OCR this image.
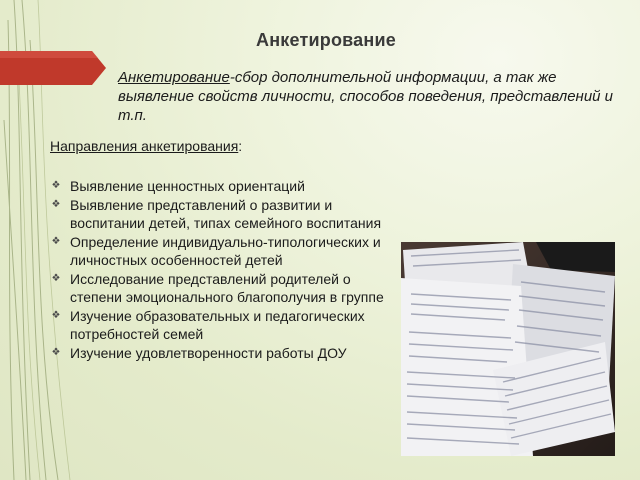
Анкетирование
Анкетирование-сбор дополнительной информации, а так же выявление свойств личности, способов поведения, представлений и т.п.
Направления анкетирования:
❖ Выявление ценностных ориентаций
❖ Выявление представлений о развитии и воспитании детей, типах семейного воспитания
❖ Определение индивидуально-типологических и личностных особенностей детей
❖ Исследование представлений родителей о степени эмоционального благополучия в группе
❖ Изучение образовательных и педагогических потребностей семей
❖ Изучение удовлетворенности работы ДОУ
